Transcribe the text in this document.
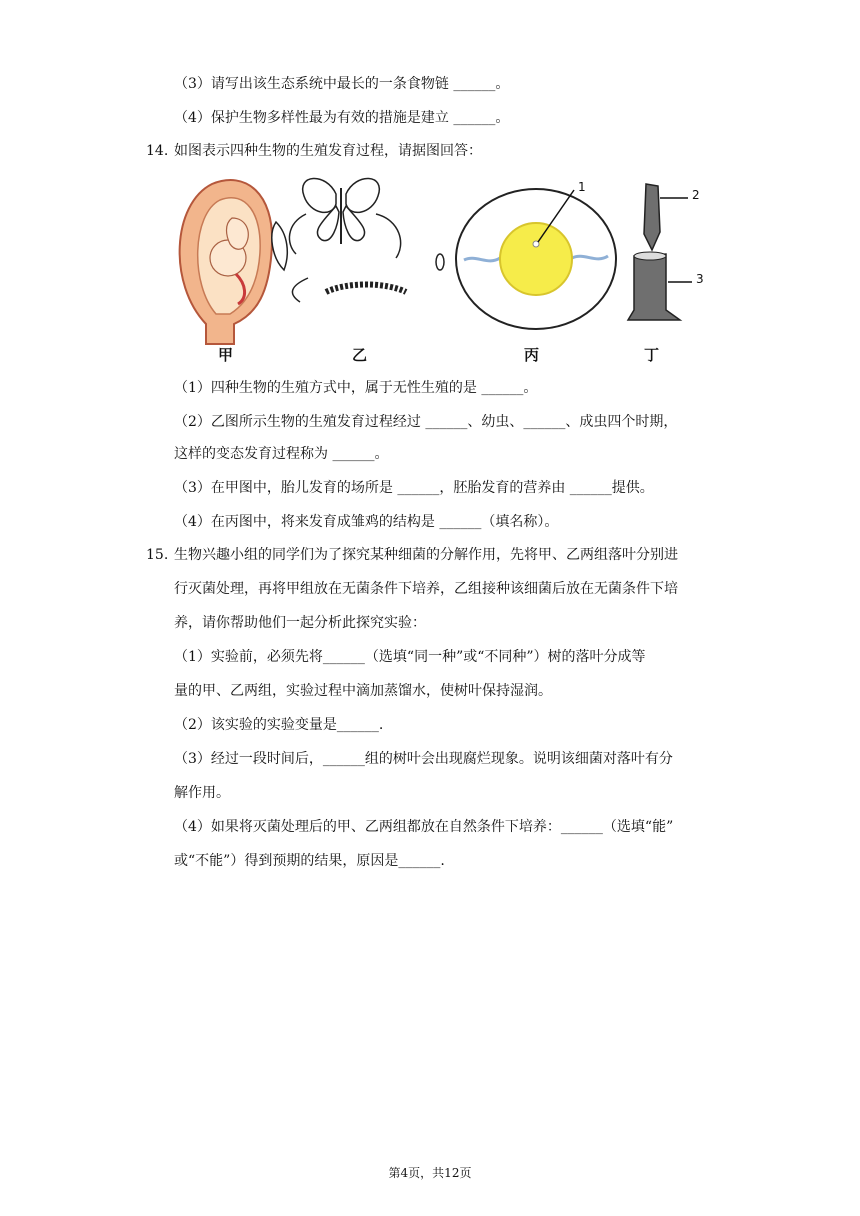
（3）请写出该生态系统中最长的一条食物链 ______。
（4）保护生物多样性最为有效的措施是建立 ______。
14. 如图表示四种生物的生殖发育过程，请据图回答：
甲	乙	丙	丁
1
2
3
（1）四种生物的生殖方式中，属于无性生殖的是 ______。
（2）乙图所示生物的生殖发育过程经过 ______、幼虫、______、成虫四个时期，
这样的变态发育过程称为 ______。
（3）在甲图中，胎儿发育的场所是 ______，胚胎发育的营养由 ______提供。
（4）在丙图中，将来发育成雏鸡的结构是 ______（填名称）。
15. 生物兴趣小组的同学们为了探究某种细菌的分解作用，先将甲、乙两组落叶分别进
行灭菌处理，再将甲组放在无菌条件下培养，乙组接种该细菌后放在无菌条件下培
养，请你帮助他们一起分析此探究实验：
（1）实验前，必须先将______（选填“同一种”或“不同种”）树的落叶分成等
量的甲、乙两组，实验过程中滴加蒸馏水，使树叶保持湿润。
（2）该实验的实验变量是______.
（3）经过一段时间后，______组的树叶会出现腐烂现象。说明该细菌对落叶有分
解作用。
（4）如果将灭菌处理后的甲、乙两组都放在自然条件下培养：______（选填“能”
或“不能”）得到预期的结果，原因是______.
第4页，共12页
